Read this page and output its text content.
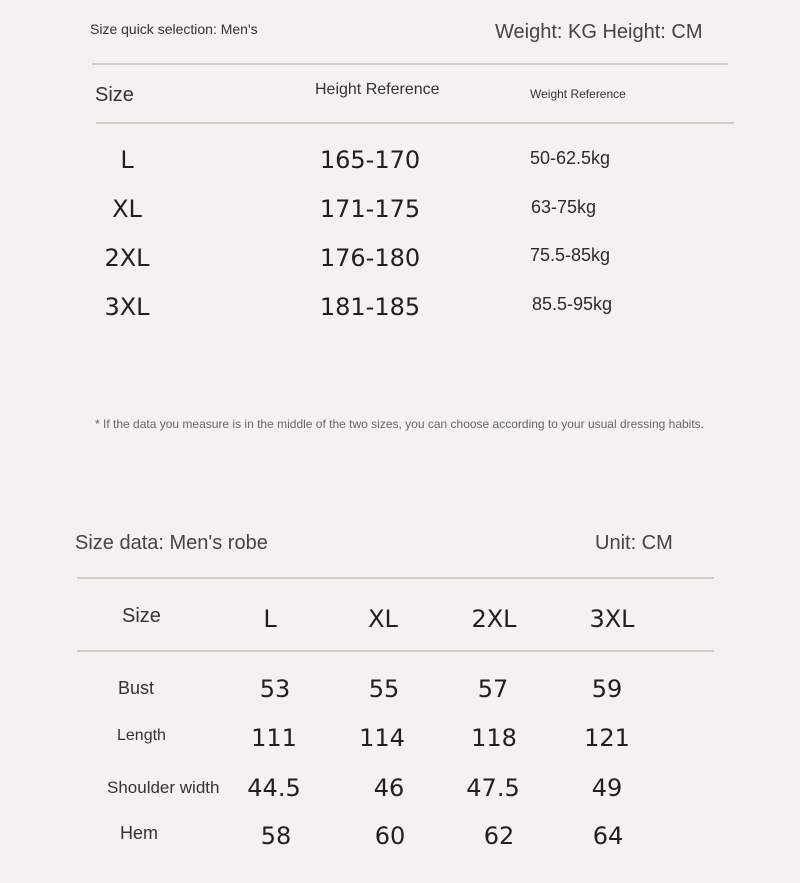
Size quick selection: Men's	Weight: KG Height: CM
Size	Height Reference	Weight Reference
L	165-170	50-62.5kg
XL	171-175	63-75kg
2XL	176-180	75.5-85kg
3XL	181-185	85.5-95kg
* If the data you measure is in the middle of the two sizes, you can choose according to your usual dressing habits.
Size data: Men's robe	Unit: CM
Size	L	XL	2XL	3XL
Bust	53	55	57	59
Length	111	114	118	121
Shoulder width 44.5	46	47.5	49
Hem	58	60	62	64
